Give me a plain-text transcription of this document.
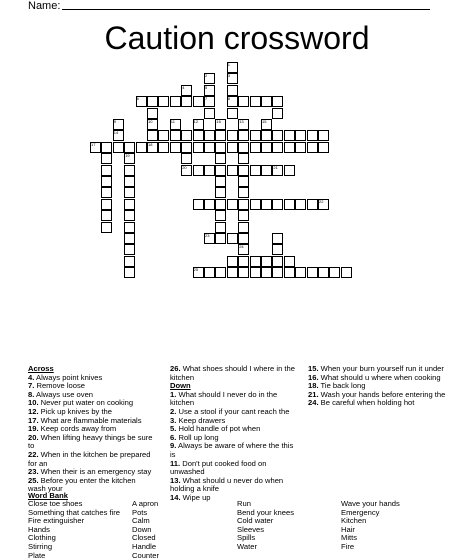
Name:
Caution crossword
1
2	3
4	5
6	7	8
9	10	11	12	13
14
15
16
17	18
19
20	21
22
23
24
25
Across
4. Always point knives
7. Remove loose
8. Always use oven
10. Never put water on cooking
12. Pick up knives by the
17. What are flammable materials
19. Keep cords away from
20. When lifting heavy things be sure to
22. When in the kitchen be prepared for an
23. When their is an emergency stay
25. Before you enter the kitchen wash your
26. What shoes should I where in the kitchen
Down
1. What should I never do in the kitchen
2. Use a stool if your cant reach the
3. Keep drawers
5. Hold handle of pot when
6. Roll up long
9. Always be aware of where the this is
11. Don't put cooked food on unwashed
13. What should u never do when holding a knife
14. Wipe up
15. When your burn yourself run it under
16. What should u where when cooking
18. Tie back long
21. Wash your hands before entering the
24. Be careful when holding hot
Word Bank
Close toe shoes
Something that catches fire
Fire extinguisher
Hands
Clothing
Stirring
Plate
A apron
Pots
Calm
Down
Closed
Handle
Counter
Run
Bend your knees
Cold water
Sleeves
Spills
Water
Wave your hands
Emergency
Kitchen
Hair
Mitts
Fire
